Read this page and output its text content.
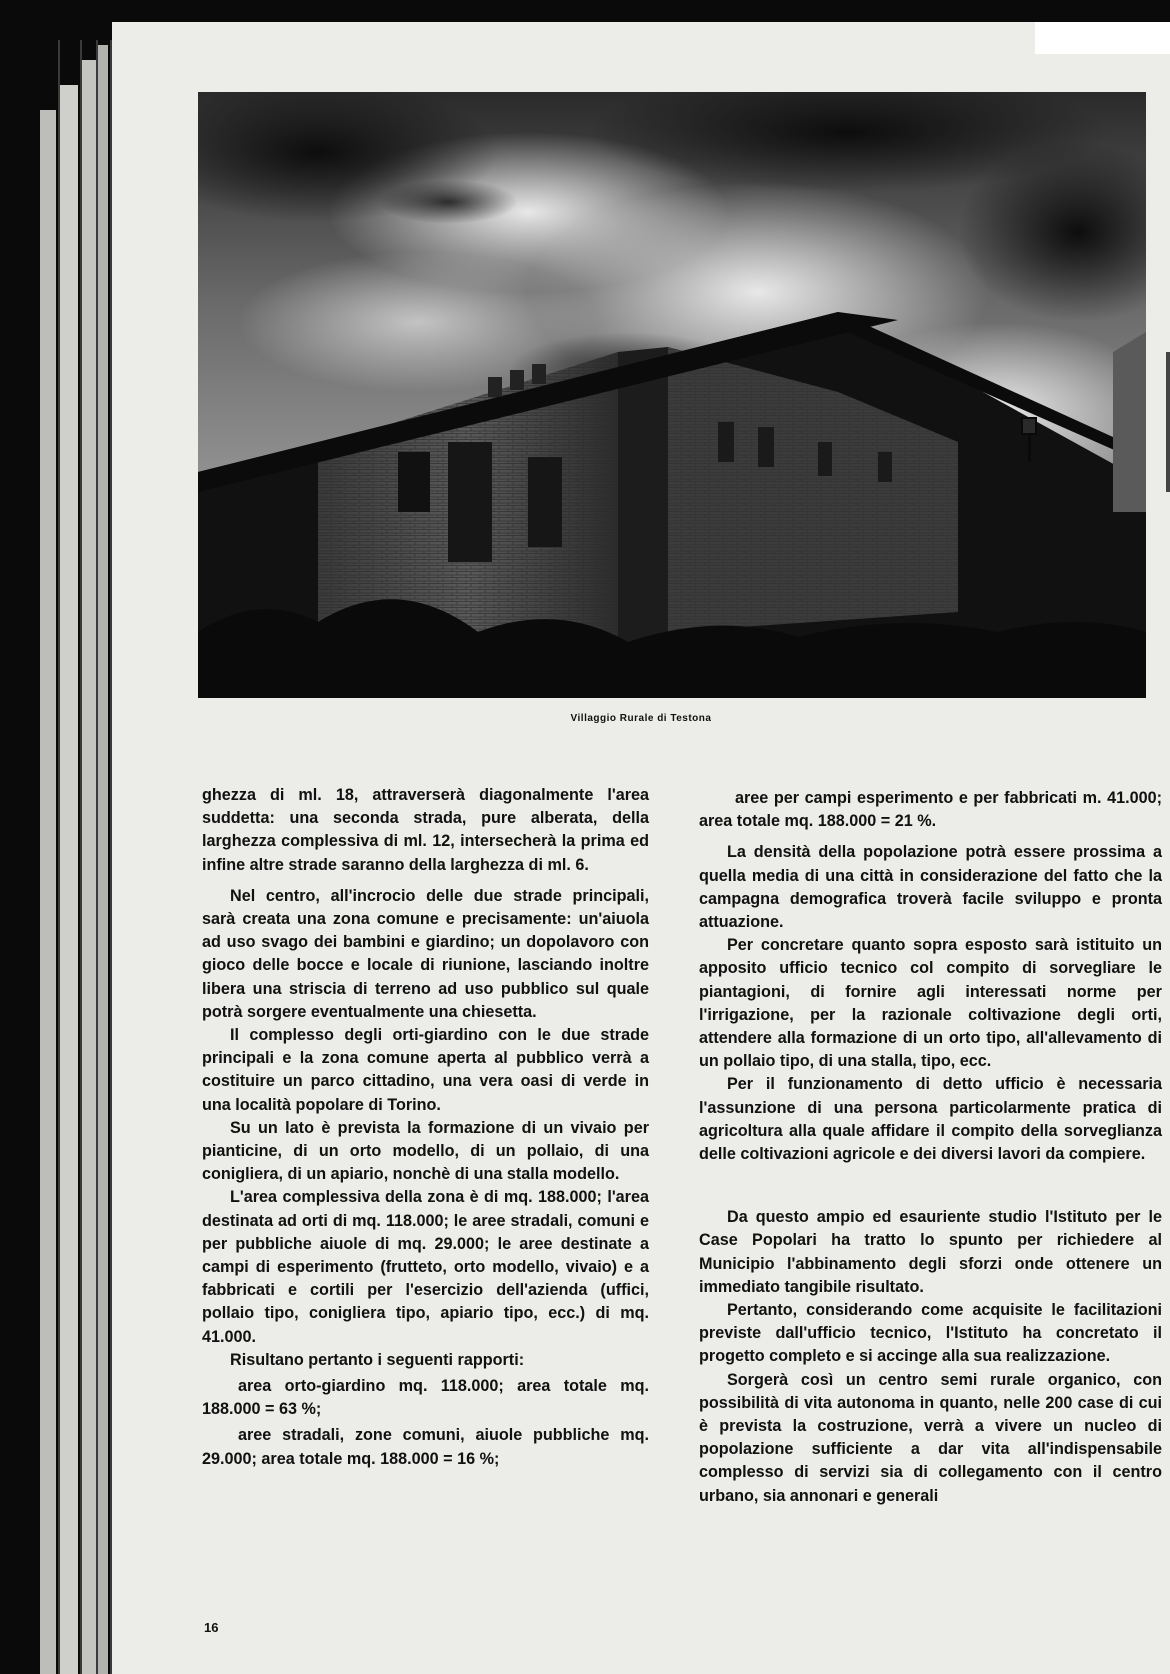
Villaggio Rurale di Testona

ghezza di ml. 18, attraverserà diagonalmente l'area suddetta: una seconda strada, pure alberata, della larghezza complessiva di ml. 12, intersecherà la prima ed infine altre strade saranno della larghezza di ml. 6.

Nel centro, all'incrocio delle due strade principali, sarà creata una zona comune e precisamente: un'aiuola ad uso svago dei bambini e giardino; un dopolavoro con gioco delle bocce e locale di riunione, lasciando inoltre libera una striscia di terreno ad uso pubblico sul quale potrà sorgere eventualmente una chiesetta.

Il complesso degli orti-giardino con le due strade principali e la zona comune aperta al pubblico verrà a costituire un parco cittadino, una vera oasi di verde in una località popolare di Torino.

Su un lato è prevista la formazione di un vivaio per pianticine, di un orto modello, di un pollaio, di una conigliera, di un apiario, nonchè di una stalla modello.

L'area complessiva della zona è di mq. 188.000; l'area destinata ad orti di mq. 118.000; le aree stradali, comuni e per pubbliche aiuole di mq. 29.000; le aree destinate a campi di esperimento (frutteto, orto modello, vivaio) e a fabbricati e cortili per l'esercizio dell'azienda (uffici, pollaio tipo, conigliera tipo, apiario tipo, ecc.) di mq. 41.000.

Risultano pertanto i seguenti rapporti:

area orto-giardino mq. 118.000; area totale mq. 188.000 = 63 %;

aree stradali, zone comuni, aiuole pubbliche mq. 29.000; area totale mq. 188.000 = 16 %;

aree per campi esperimento e per fabbricati m. 41.000; area totale mq. 188.000 = 21 %.

La densità della popolazione potrà essere prossima a quella media di una città in considerazione del fatto che la campagna demografica troverà facile sviluppo e pronta attuazione.

Per concretare quanto sopra esposto sarà istituito un apposito ufficio tecnico col compito di sorvegliare le piantagioni, di fornire agli interessati norme per l'irrigazione, per la razionale coltivazione degli orti, attendere alla formazione di un orto tipo, all'allevamento di un pollaio tipo, di una stalla, tipo, ecc.

Per il funzionamento di detto ufficio è necessaria l'assunzione di una persona particolarmente pratica di agricoltura alla quale affidare il compito della sorveglianza delle coltivazioni agricole e dei diversi lavori da compiere.

Da questo ampio ed esauriente studio l'Istituto per le Case Popolari ha tratto lo spunto per richiedere al Municipio l'abbinamento degli sforzi onde ottenere un immediato tangibile risultato.

Pertanto, considerando come acquisite le facilitazioni previste dall'ufficio tecnico, l'Istituto ha concretato il progetto completo e si accinge alla sua realizzazione.

Sorgerà così un centro semi rurale organico, con possibilità di vita autonoma in quanto, nelle 200 case di cui è prevista la costruzione, verrà a vivere un nucleo di popolazione sufficiente a dar vita all'indispensabile complesso di servizi sia di collegamento con il centro urbano, sia annonari e generali

16
